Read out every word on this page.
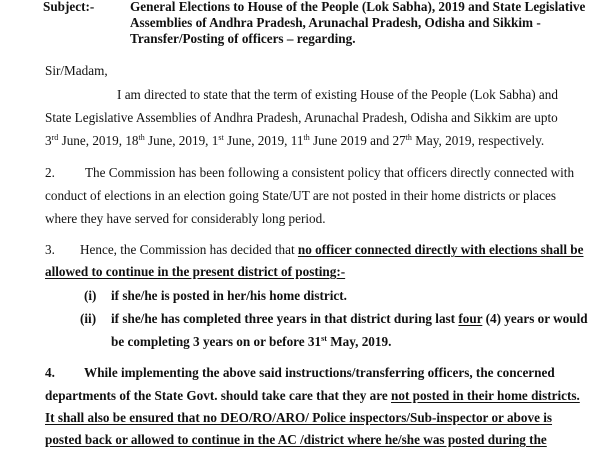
Subject:-	General Elections to House of the People (Lok Sabha), 2019 and State Legislative
Assemblies of Andhra Pradesh, Arunachal Pradesh, Odisha and Sikkim -
Transfer/Posting of officers – regarding.
Sir/Madam,
I am directed to state that the term of existing House of the People (Lok Sabha) and
State Legislative Assemblies of Andhra Pradesh, Arunachal Pradesh, Odisha and Sikkim are upto
3rd June, 2019, 18th June, 2019, 1st June, 2019, 11th June 2019 and 27th May, 2019, respectively.
2. The Commission has been following a consistent policy that officers directly connected with
conduct of elections in an election going State/UT are not posted in their home districts or places
where they have served for considerably long period.
3. Hence, the Commission has decided that no officer connected directly with elections shall be
allowed to continue in the present district of posting:-
(i) if she/he is posted in her/his home district.
(ii) if she/he has completed three years in that district during last four (4) years or would
be completing 3 years on or before 31st May, 2019.
4. While implementing the above said instructions/transferring officers, the concerned
departments of the State Govt. should take care that they are not posted in their home districts.
It shall also be ensured that no DEO/RO/ARO/ Police inspectors/Sub-inspector or above is
posted back or allowed to continue in the AC /district where he/she was posted during the
